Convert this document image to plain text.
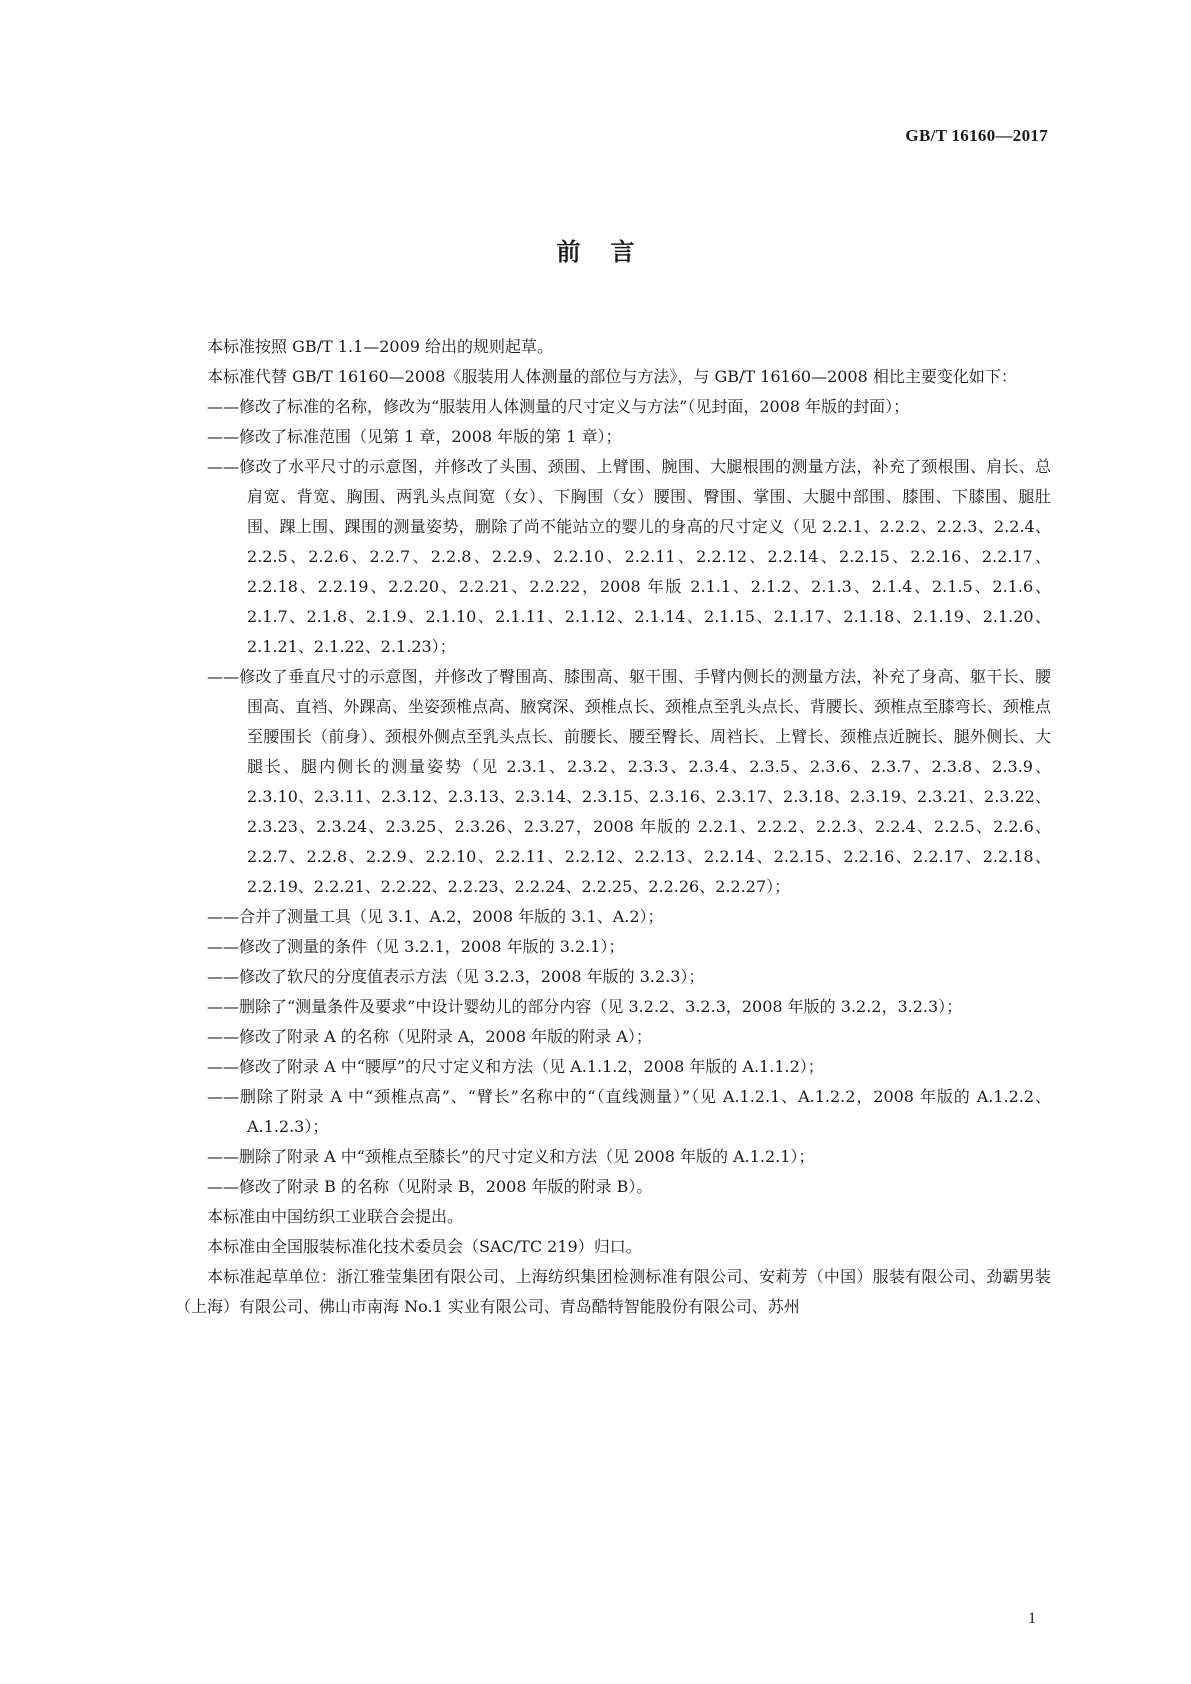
GB/T 16160—2017
前言

本标准按照 GB/T 1.1—2009 给出的规则起草。

本标准代替 GB/T 16160—2008《服装用人体测量的部位与方法》，与 GB/T 16160—2008 相比主要变化如下：

——修改了标准的名称，修改为“服装用人体测量的尺寸定义与方法”（见封面，2008 年版的封面）；

——修改了标准范围（见第 1 章，2008 年版的第 1 章）；

——修改了水平尺寸的示意图，并修改了头围、颈围、上臂围、腕围、大腿根围的测量方法，补充了颈根围、肩长、总肩宽、背宽、胸围、两乳头点间宽（女）、下胸围（女）腰围、臀围、掌围、大腿中部围、膝围、下膝围、腿肚围、踝上围、踝围的测量姿势，删除了尚不能站立的婴儿的身高的尺寸定义（见 2.2.1、2.2.2、2.2.3、2.2.4、2.2.5、2.2.6、2.2.7、2.2.8、2.2.9、2.2.10、2.2.11、2.2.12、2.2.14、2.2.15、2.2.16、2.2.17、2.2.18、2.2.19、2.2.20、2.2.21、2.2.22，2008 年版 2.1.1、2.1.2、2.1.3、2.1.4、2.1.5、2.1.6、2.1.7、2.1.8、2.1.9、2.1.10、2.1.11、2.1.12、2.1.14、2.1.15、2.1.17、2.1.18、2.1.19、2.1.20、2.1.21、2.1.22、2.1.23）；

——修改了垂直尺寸的示意图，并修改了臀围高、膝围高、躯干围、手臂内侧长的测量方法，补充了身高、躯干长、腰围高、直裆、外踝高、坐姿颈椎点高、腋窝深、颈椎点长、颈椎点至乳头点长、背腰长、颈椎点至膝弯长、颈椎点至腰围长（前身）、颈根外侧点至乳头点长、前腰长、腰至臀长、周裆长、上臂长、颈椎点近腕长、腿外侧长、大腿长、腿内侧长的测量姿势（见 2.3.1、2.3.2、2.3.3、2.3.4、2.3.5、2.3.6、2.3.7、2.3.8、2.3.9、2.3.10、2.3.11、2.3.12、2.3.13、2.3.14、2.3.15、2.3.16、2.3.17、2.3.18、2.3.19、2.3.21、2.3.22、2.3.23、2.3.24、2.3.25、2.3.26、2.3.27，2008 年版的 2.2.1、2.2.2、2.2.3、2.2.4、2.2.5、2.2.6、2.2.7、2.2.8、2.2.9、2.2.10、2.2.11、2.2.12、2.2.13、2.2.14、2.2.15、2.2.16、2.2.17、2.2.18、2.2.19、2.2.21、2.2.22、2.2.23、2.2.24、2.2.25、2.2.26、2.2.27）；

——合并了测量工具（见 3.1、A.2，2008 年版的 3.1、A.2）；

——修改了测量的条件（见 3.2.1，2008 年版的 3.2.1）；

——修改了软尺的分度值表示方法（见 3.2.3，2008 年版的 3.2.3）；

——删除了“测量条件及要求”中设计婴幼儿的部分内容（见 3.2.2、3.2.3，2008 年版的 3.2.2，3.2.3）；

——修改了附录 A 的名称（见附录 A，2008 年版的附录 A）；

——修改了附录 A 中“腰厚”的尺寸定义和方法（见 A.1.1.2，2008 年版的 A.1.1.2）；

——删除了附录 A 中“颈椎点高”、“臂长”名称中的“（直线测量）”（见 A.1.2.1、A.1.2.2，2008 年版的 A.1.2.2、A.1.2.3）；

——删除了附录 A 中“颈椎点至膝长”的尺寸定义和方法（见 2008 年版的 A.1.2.1）；

——修改了附录 B 的名称（见附录 B，2008 年版的附录 B）。

本标准由中国纺织工业联合会提出。

本标准由全国服装标准化技术委员会（SAC/TC 219）归口。

本标准起草单位：浙江雅莹集团有限公司、上海纺织集团检测标准有限公司、安莉芳（中国）服装有限公司、劲霸男装（上海）有限公司、佛山市南海 No.1 实业有限公司、青岛酷特智能股份有限公司、苏州

1
